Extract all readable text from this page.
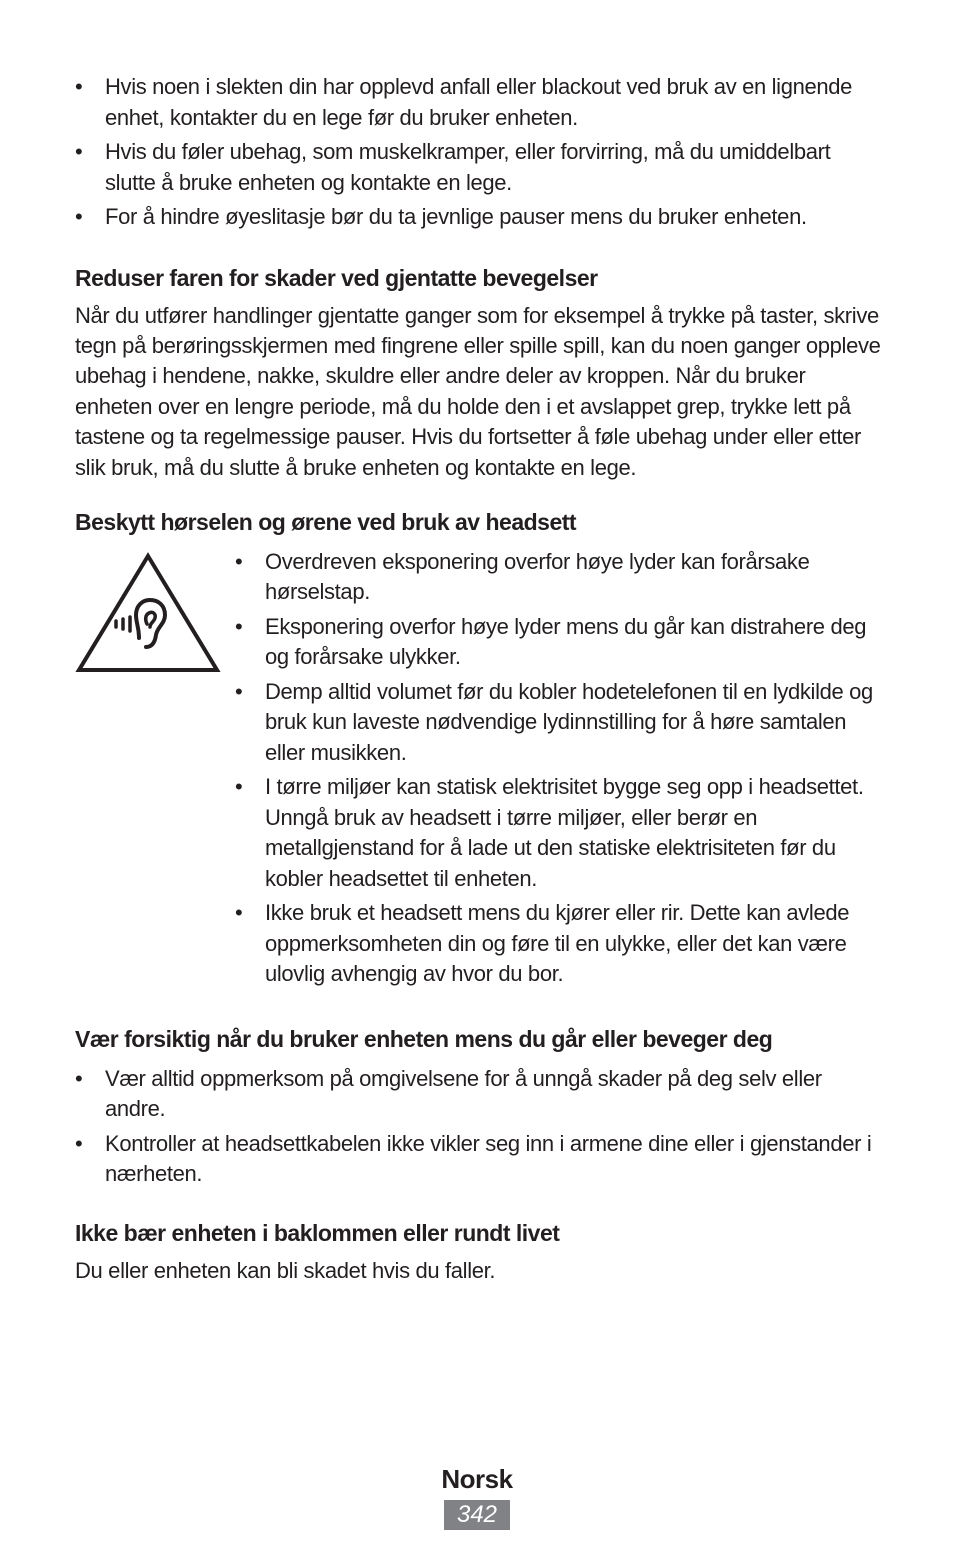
• Hvis noen i slekten din har opplevd anfall eller blackout ved bruk av en lignende enhet, kontakter du en lege før du bruker enheten.
• Hvis du føler ubehag, som muskelkramper, eller forvirring, må du umiddelbart slutte å bruke enheten og kontakte en lege.
• For å hindre øyeslitasje bør du ta jevnlige pauser mens du bruker enheten.
Reduser faren for skader ved gjentatte bevegelser

Når du utfører handlinger gjentatte ganger som for eksempel å trykke på taster, skrive tegn på berøringsskjermen med fingrene eller spille spill, kan du noen ganger oppleve ubehag i hendene, nakke, skuldre eller andre deler av kroppen. Når du bruker enheten over en lengre periode, må du holde den i et avslappet grep, trykke lett på tastene og ta regelmessige pauser. Hvis du fortsetter å føle ubehag under eller etter slik bruk, må du slutte å bruke enheten og kontakte en lege.

Beskytt hørselen og ørene ved bruk av headsett
• Overdreven eksponering overfor høye lyder kan forårsake hørselstap.
• Eksponering overfor høye lyder mens du går kan distrahere deg og forårsake ulykker.
• Demp alltid volumet før du kobler hodetelefonen til en lydkilde og bruk kun laveste nødvendige lydinnstilling for å høre samtalen eller musikken.
• I tørre miljøer kan statisk elektrisitet bygge seg opp i headsettet. Unngå bruk av headsett i tørre miljøer, eller berør en metallgjenstand for å lade ut den statiske elektrisiteten før du kobler headsettet til enheten.
• Ikke bruk et headsett mens du kjører eller rir. Dette kan avlede oppmerksomheten din og føre til en ulykke, eller det kan være ulovlig avhengig av hvor du bor.
Vær forsiktig når du bruker enheten mens du går eller beveger deg
• Vær alltid oppmerksom på omgivelsene for å unngå skader på deg selv eller andre.
• Kontroller at headsettkabelen ikke vikler seg inn i armene dine eller i gjenstander i nærheten.
Ikke bær enheten i baklommen eller rundt livet

Du eller enheten kan bli skadet hvis du faller.

Norsk
342
